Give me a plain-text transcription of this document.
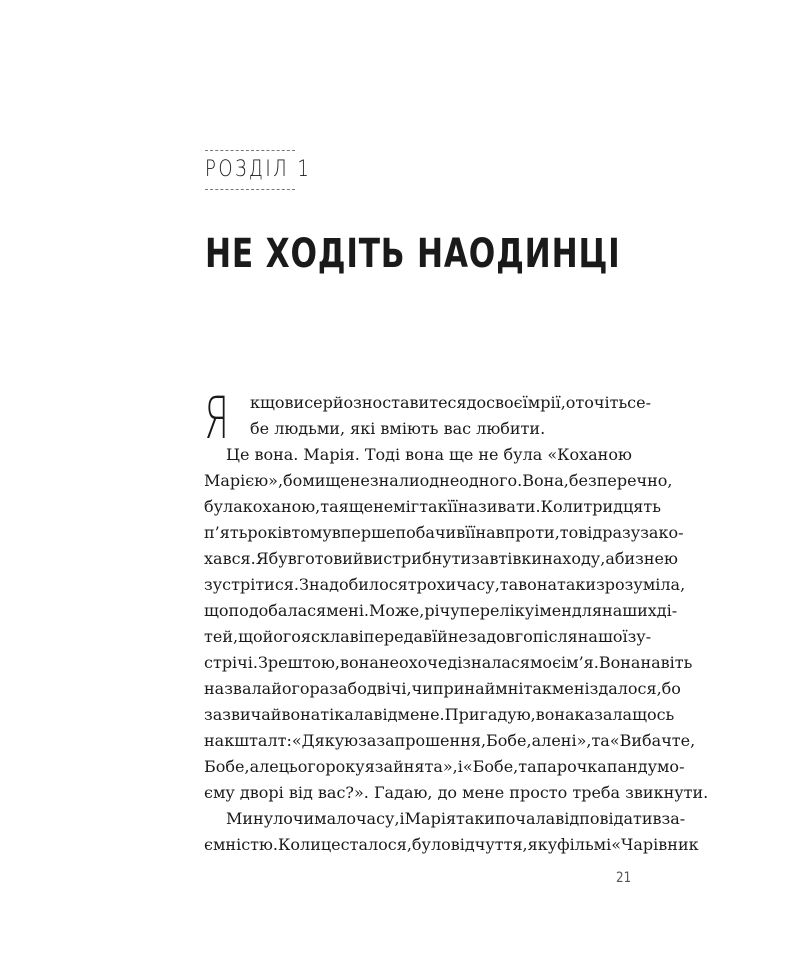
РОЗДІЛ 1
НЕ ХОДІТЬ НАОДИНЦІ
Я кщо ви серйозно ставитеся до своєї мрії, оточіть се-
бе людьми, які вміють вас любити.
Це вона. Марія. Тоді вона ще не була «Коханою
Марією», бо ми ще не знали одне одного. Вона, безперечно,
була коханою, та я ще не міг так її називати. Коли тридцять
п’ять років тому вперше побачив її навпроти, то відразу зако-
хався. Я був готовий вистрибнути з автівки на ходу, аби з нею
зустрітися. Знадобилося трохи часу, та вона таки зрозуміла,
що подобалася мені. Може, річ у переліку імен для наших ді-
тей, що його я склав і передав їй незадовго після нашої зу-
стрічі. Зрештою, вона неохоче дізналася моє ім’я. Вона навіть
назвала його раз або двічі, чи принаймні так мені здалося, бо
зазвичай вона тікала від мене. Пригадую, вона казала щось
на кшталт: «Дякую за запрошення, Бобе, але ні», та «Вибачте,
Бобе, але цього року я зайнята», і «Бобе, та парочка панд у мо-
єму дворі від вас?». Гадаю, до мене просто треба звикнути.
Минуло чимало часу, і Марія таки почала відповідати вза-
ємністю. Коли це сталося, було відчуття, як у фільмі «Чарівник
21
